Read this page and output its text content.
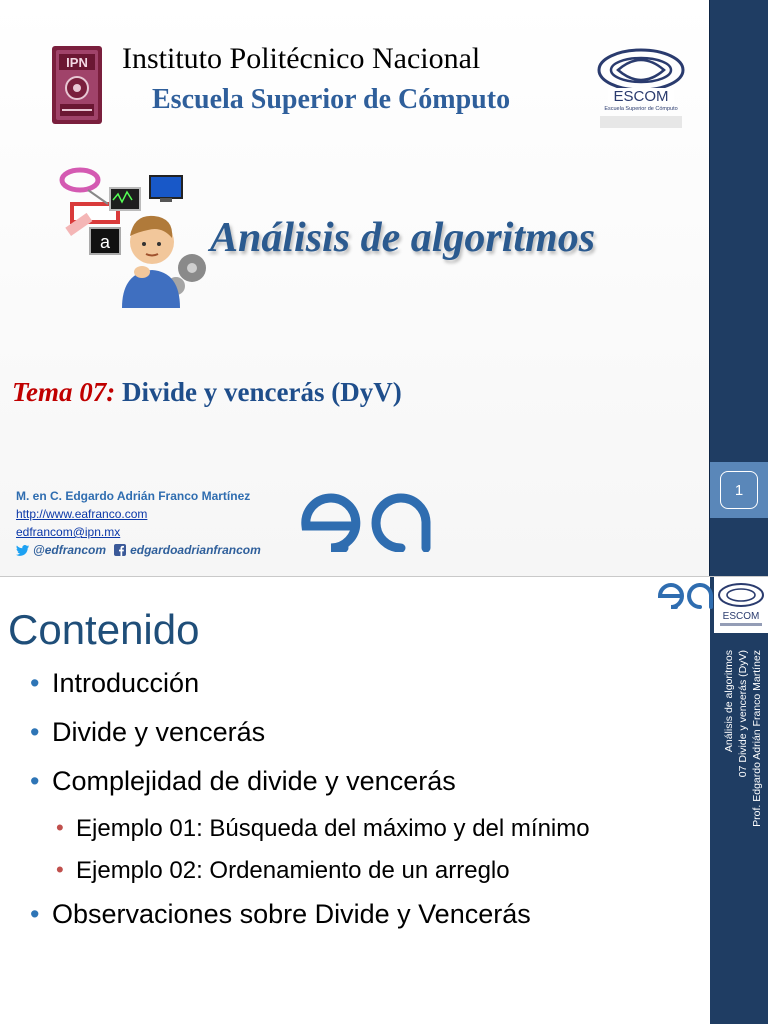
1
IPN Instituto Politécnico Nacional
Escuela Superior de Cómputo	ESCOM
Escuela Superior de Cómputo
a Análisis de algoritmos
Tema 07: Divide y vencerás (DyV)
M. en C. Edgardo Adrián Franco Martínez
http://www.eafranco.com
edfrancom@ipn.mx
@edfrancom edgardoadrianfrancom
Contenido
• Introducción
• Divide y vencerás
• Complejidad de divide y vencerás
• Ejemplo 01: Búsqueda del máximo y del mínimo
• Ejemplo 02: Ordenamiento de un arreglo
• Observaciones sobre Divide y Vencerás
ESCOM
Análisis de algoritmos 07 Divide y vencerás (DyV) Prof. Edgardo Adrián Franco Martínez
